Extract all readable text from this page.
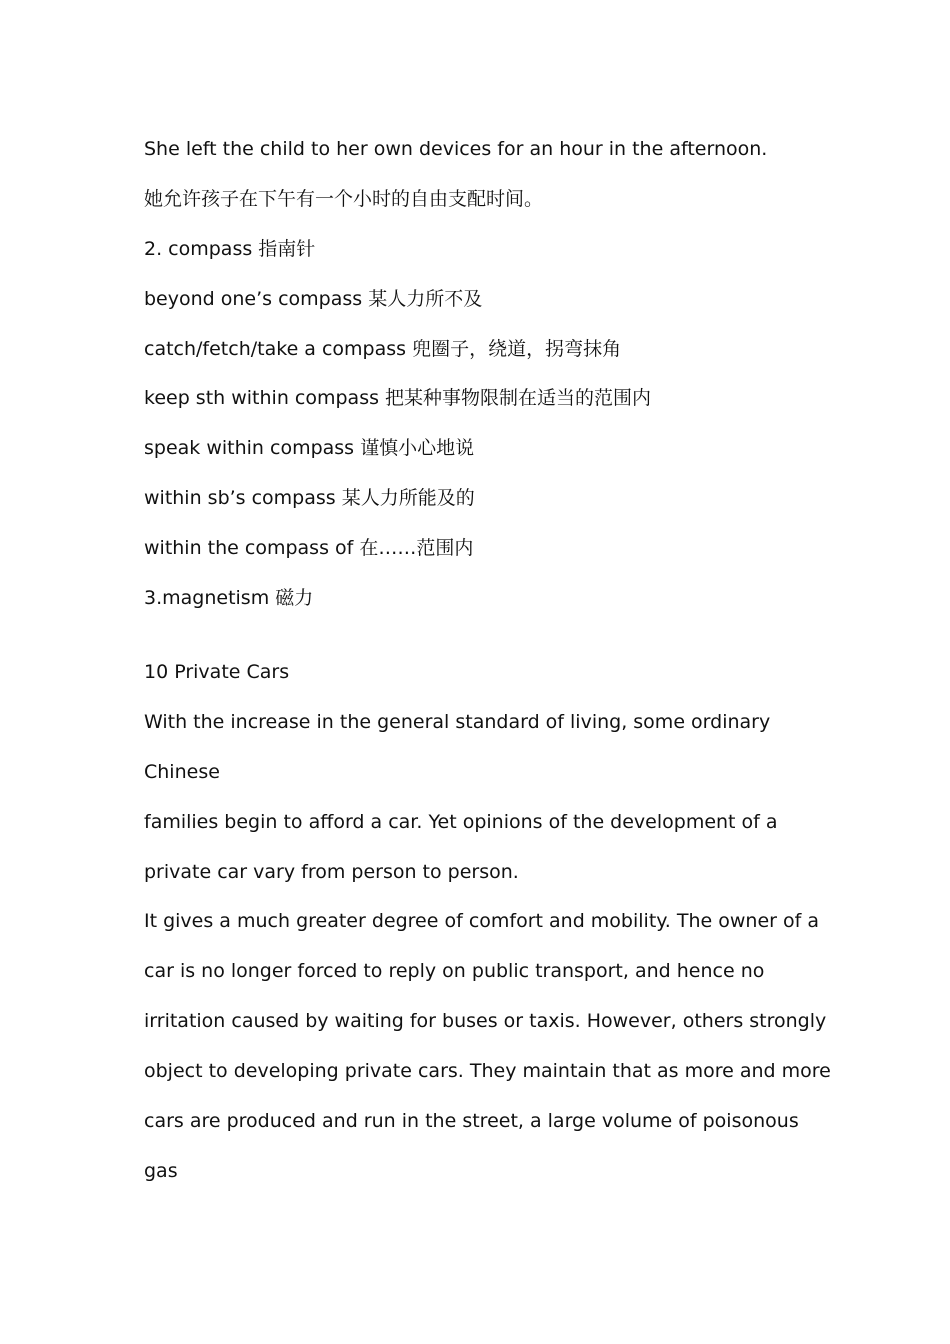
She left the child to her own devices for an hour in the afternoon.
她允许孩子在下午有一个小时的自由支配时间。
2. compass 指南针
beyond one’s compass 某人力所不及
catch/fetch/take a compass 兜圈子，绕道，拐弯抹角
keep sth within compass 把某种事物限制在适当的范围内
speak within compass 谨慎小心地说
within sb’s compass 某人力所能及的
within the compass of 在……范围内
3.magnetism 磁力
10 Private Cars
With the increase in the general standard of living, some ordinary
Chinese
families begin to afford a car. Yet opinions of the development of a
private car vary from person to person.
It gives a much greater degree of comfort and mobility. The owner of a
car is no longer forced to reply on public transport, and hence no
irritation caused by waiting for buses or taxis. However, others strongly
object to developing private cars. They maintain that as more and more
cars are produced and run in the street, a large volume of poisonous
gas
